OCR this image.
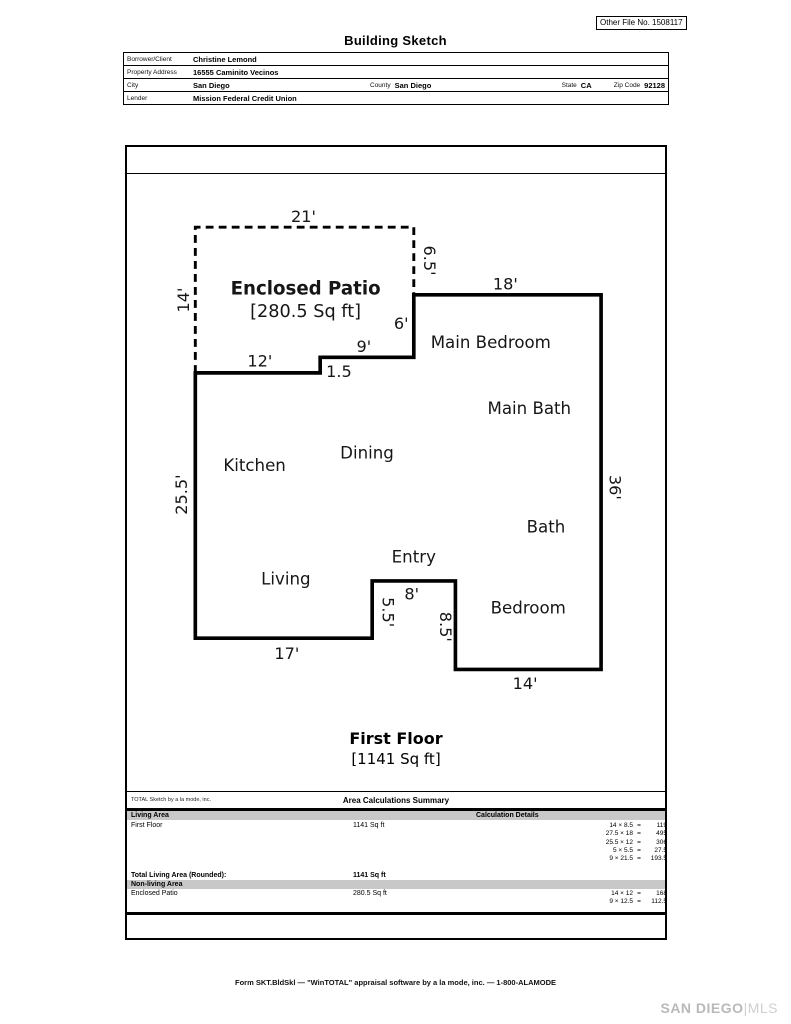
Other File No. 1508117
Building Sketch
Borrower/Client	Christine Lemond
Property Address	16555 Caminito Vecinos
City	San Diego	County San Diego	State CA	Zip Code 92128
Lender	Mission Federal Credit Union
21'
14'
6.5'
18'
6'
9'
12'
1.5
25.5'	36'
8'
5.5'	8.5'
17'
14'
Enclosed Patio
[280.5 Sq ft]
Main Bedroom
Main Bath
Kitchen
Dining
Bath
Entry
Living
Bedroom
First Floor
[1141 Sq ft]
TOTAL Sketch by a la mode, inc.	Area Calculations Summary
Living Area	Calculation Details
First Floor	1141 Sq ft	14 × 8.5 =	119
27.5 × 18 =	495
25.5 × 12 =	306
5 × 5.5 =	27.5
9 × 21.5 =	193.5
Total Living Area (Rounded):	1141 Sq ft
Non-living Area
Enclosed Patio	280.5 Sq ft	14 × 12 =	168
9 × 12.5 =	112.5
Form SKT.BldSkl — "WinTOTAL" appraisal software by a la mode, inc. — 1-800-ALAMODE
SAN DIEGO|MLS
